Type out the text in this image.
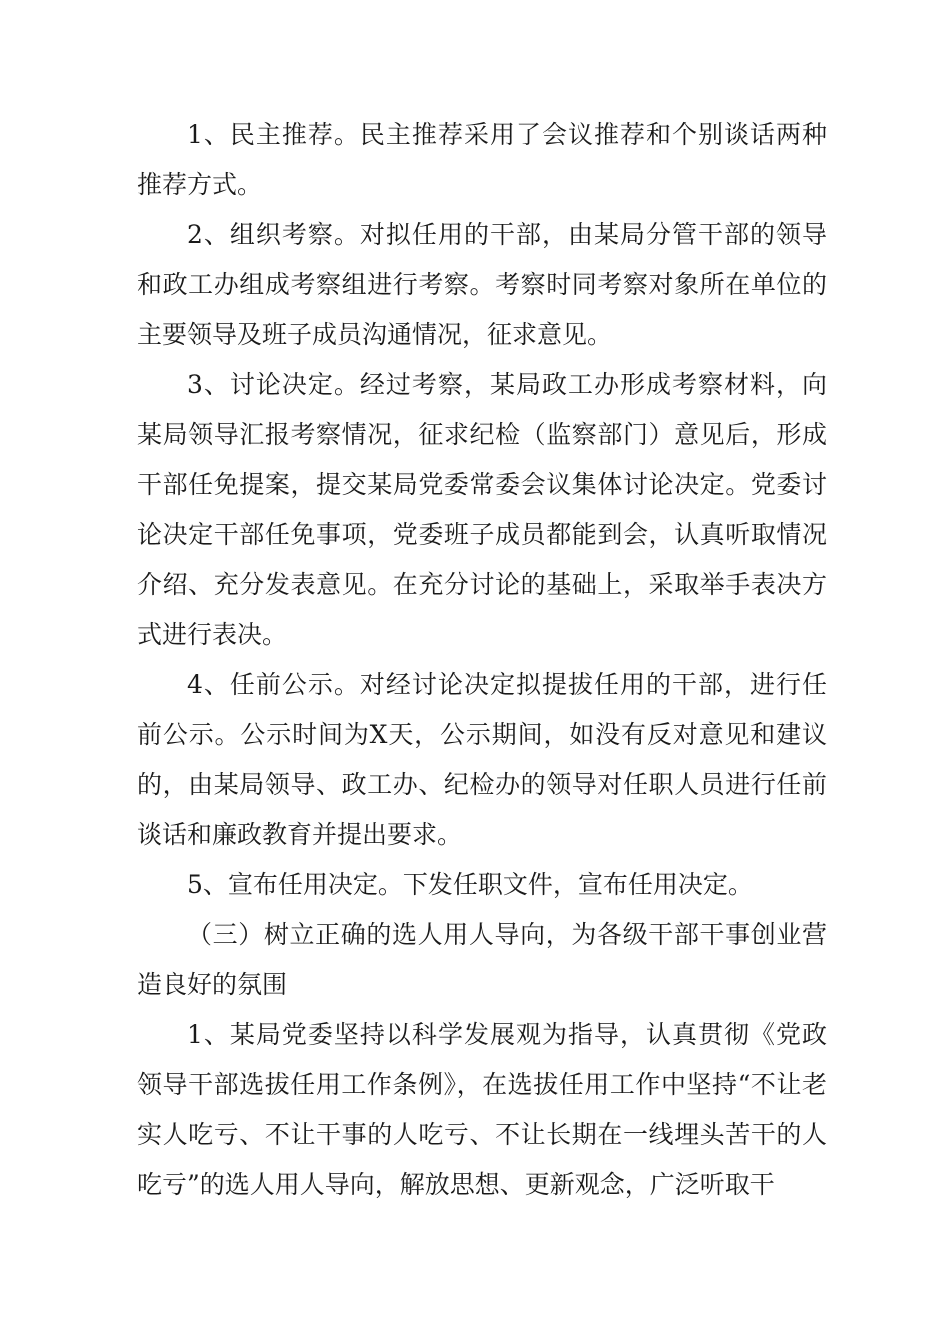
1、民主推荐。民主推荐采用了会议推荐和个别谈话两种推荐方式。

2、组织考察。对拟任用的干部，由某局分管干部的领导和政工办组成考察组进行考察。考察时同考察对象所在单位的主要领导及班子成员沟通情况，征求意见。

3、讨论决定。经过考察，某局政工办形成考察材料，向某局领导汇报考察情况，征求纪检（监察部门）意见后，形成干部任免提案，提交某局党委常委会议集体讨论决定。党委讨论决定干部任免事项，党委班子成员都能到会，认真听取情况介绍、充分发表意见。在充分讨论的基础上，采取举手表决方式进行表决。

4、任前公示。对经讨论决定拟提拔任用的干部，进行任前公示。公示时间为X天，公示期间，如没有反对意见和建议的，由某局领导、政工办、纪检办的领导对任职人员进行任前谈话和廉政教育并提出要求。

5、宣布任用决定。下发任职文件，宣布任用决定。

（三）树立正确的选人用人导向，为各级干部干事创业营造良好的氛围

1、某局党委坚持以科学发展观为指导，认真贯彻《党政领导干部选拔任用工作条例》，在选拔任用工作中坚持“不让老实人吃亏、不让干事的人吃亏、不让长期在一线埋头苦干的人吃亏”的选人用人导向，解放思想、更新观念，广泛听取干
